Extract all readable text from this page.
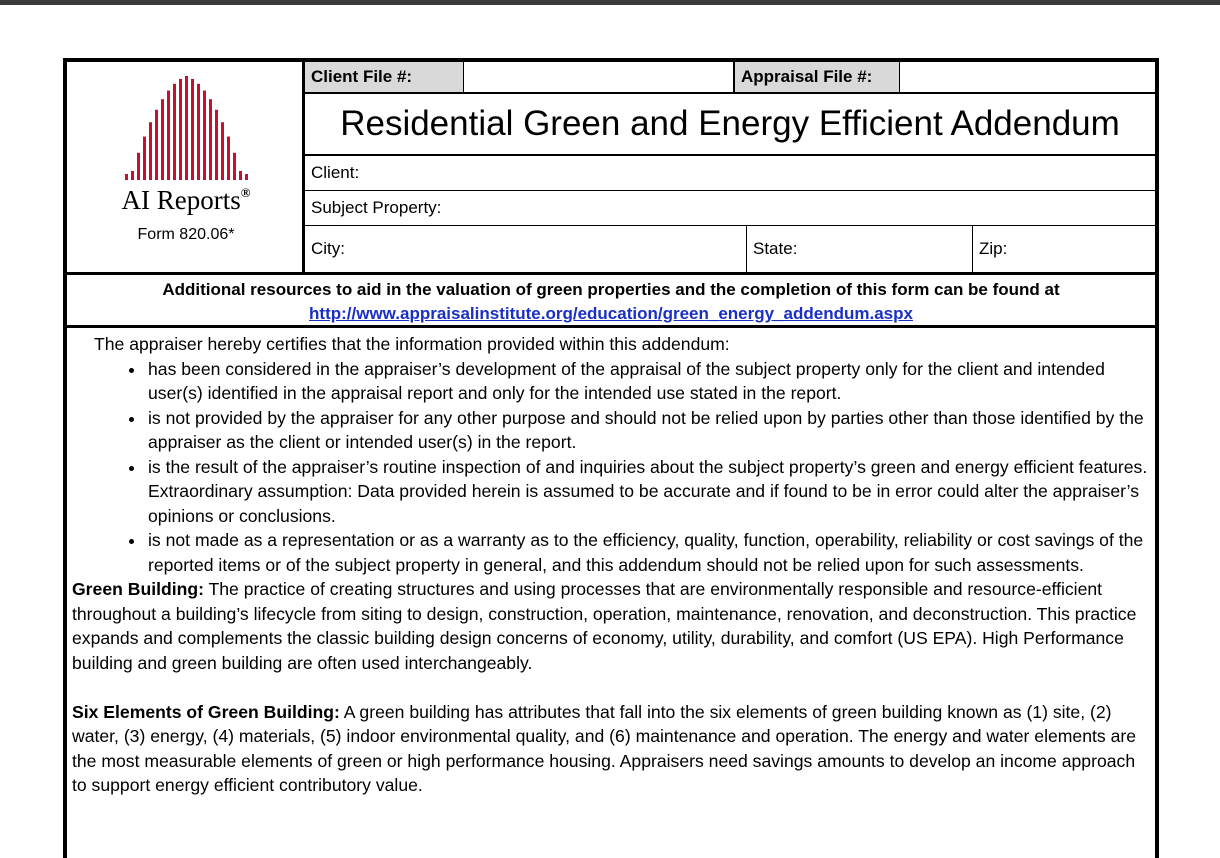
AI Reports®
Form 820.06*
Client File #:	Appraisal File #:
Residential Green and Energy Efficient Addendum
Client:
Subject Property:
City:	State:	Zip:
Additional resources to aid in the valuation of green properties and the completion of this form can be found at
http://www.appraisalinstitute.org/education/green_energy_addendum.aspx
The appraiser hereby certifies that the information provided within this addendum:
• has been considered in the appraiser’s development of the appraisal of the subject property only for the client and intended user(s) identified in the appraisal report and only for the intended use stated in the report.
• is not provided by the appraiser for any other purpose and should not be relied upon by parties other than those identified by the appraiser as the client or intended user(s) in the report.
• is the result of the appraiser’s routine inspection of and inquiries about the subject property’s green and energy efficient features. Extraordinary assumption: Data provided herein is assumed to be accurate and if found to be in error could alter the appraiser’s opinions or conclusions.
• is not made as a representation or as a warranty as to the efficiency, quality, function, operability, reliability or cost savings of the reported items or of the subject property in general, and this addendum should not be relied upon for such assessments.

Green Building: The practice of creating structures and using processes that are environmentally responsible and resource-efficient throughout a building’s lifecycle from siting to design, construction, operation, maintenance, renovation, and deconstruction. This practice expands and complements the classic building design concerns of economy, utility, durability, and comfort (US EPA). High Performance building and green building are often used interchangeably.

Six Elements of Green Building: A green building has attributes that fall into the six elements of green building known as (1) site, (2) water, (3) energy, (4) materials, (5) indoor environmental quality, and (6) maintenance and operation. The energy and water elements are the most measurable elements of green or high performance housing. Appraisers need savings amounts to develop an income approach to support energy efficient contributory value.
